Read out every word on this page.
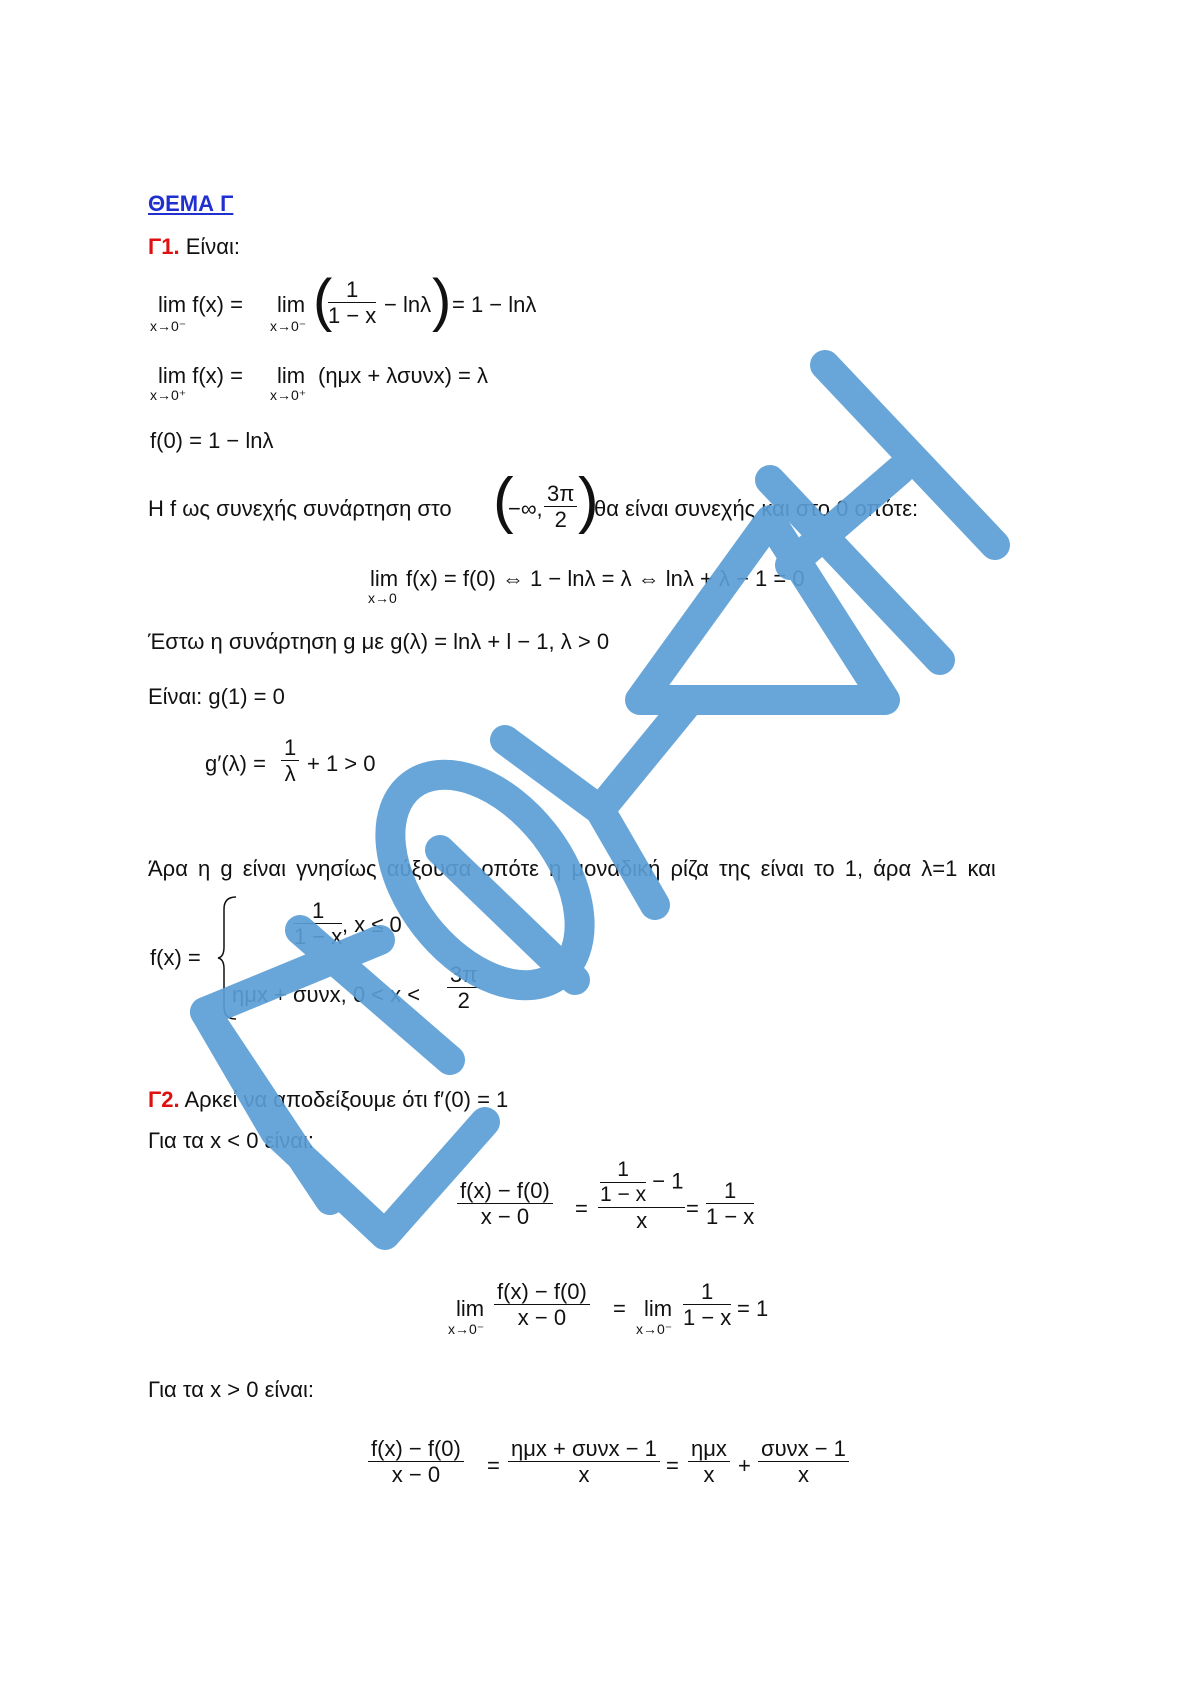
ΘΕΜΑ Γ
Γ1. Είναι:
lim f(x) =
x→0⁻
lim
x→0⁻ (
$\frac{1}{1 - x} - \ln\lambda$ ) = 1 − lnλ
lim f(x) =
x→0⁺
lim
x→0⁺
(ημx + λσυνx) = λ
f(0) = 1 − lnλ
Η f ως συνεχής συνάρτηση στο (
−∞, $\frac{3\pi}{2}$ )
θα είναι συνεχής και στο 0 οπότε:
lim
x→0
f(x) = f(0) ⇔ 1 − lnλ = λ ⇔ lnλ + λ − 1 = 0
Έστω η συνάρτηση g με g(λ) = lnλ + l − 1, λ > 0
Είναι: g(1) = 0
$g'(\lambda) = \frac{1}{\lambda} + 1 > 0$
Άρα η g είναι γνησίως αύξουσα οπότε η μοναδική ρίζα της είναι το 1, άρα λ=1 και
f(x) =
$\frac{1}{1 - x}$ , x ≤ 0
ημx + συνx, $0 < x < \frac{3\pi}{2}$
Γ2. Αρκεί να αποδείξουμε ότι f′(0) = 1
Για τα x < 0 είναι:
$\frac{f(x) - f(0)}{x - 0} = \frac{\frac{1}{1 - x} - 1}{x} = \frac{1}{1 - x}$
lim
$x\to 0^- \frac{f(x) - f(0)}{x - 0} = \lim$
$x\to 0^- \frac{1}{1 - x} = 1$
Για τα x > 0 είναι:
$\frac{f(x) - f(0)}{x - 0} = \frac{\text{ημx + συνx − 1}}{x} = \frac{\text{ημx}}{x} + \frac{\text{συνx − 1}}{x}$
